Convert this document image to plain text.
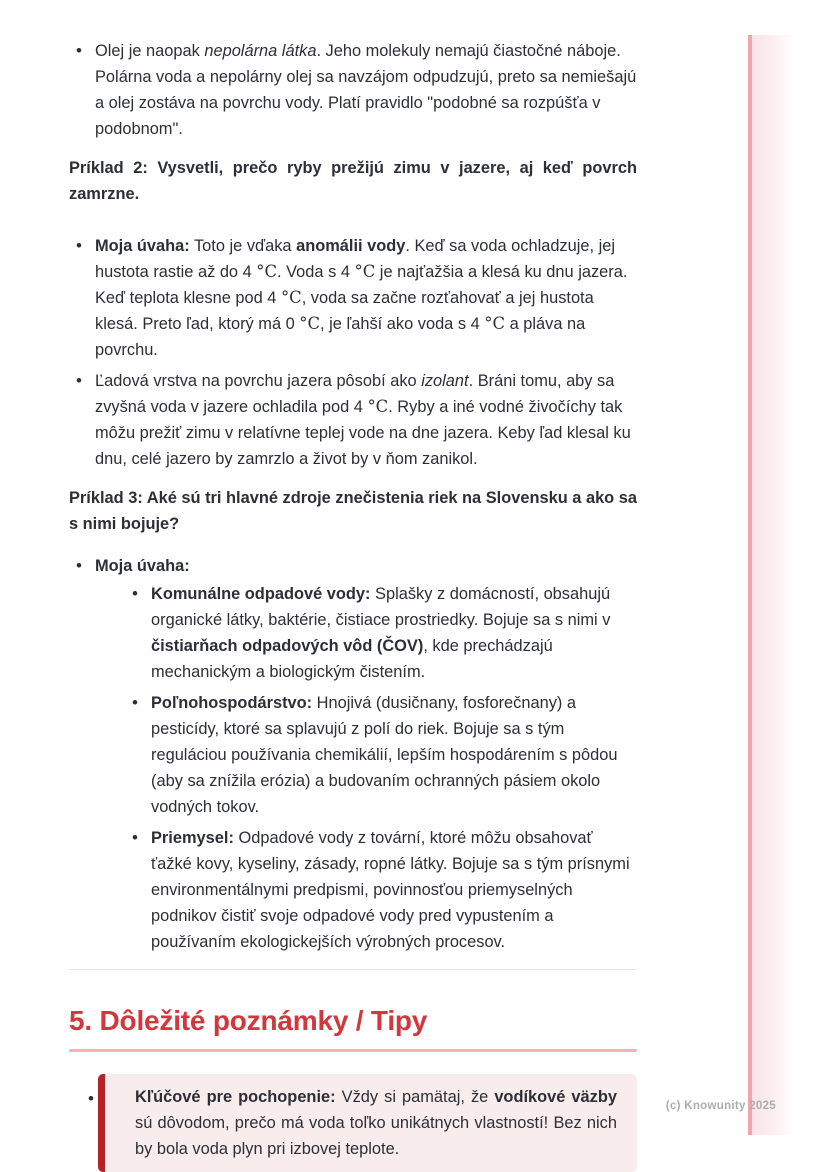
• Olej je naopak nepolárna látka. Jeho molekuly nemajú čiastočné náboje. Polárna voda a nepolárny olej sa navzájom odpudzujú, preto sa nemiešajú a olej zostáva na povrchu vody. Platí pravidlo "podobné sa rozpúšťa v podobnom".

Príklad 2: Vysvetli, prečo ryby prežijú zimu v jazere, aj keď povrch zamrzne.

• Moja úvaha: Toto je vďaka anomálii vody. Keď sa voda ochladzuje, jej hustota rastie až do 4 °C. Voda s 4 °C je najťažšia a klesá ku dnu jazera. Keď teplota klesne pod 4 °C, voda sa začne rozťahovať a jej hustota klesá. Preto ľad, ktorý má 0 °C, je ľahší ako voda s 4 °C a pláva na povrchu.
• Ľadová vrstva na povrchu jazera pôsobí ako izolant. Bráni tomu, aby sa zvyšná voda v jazere ochladila pod 4 °C. Ryby a iné vodné živočíchy tak môžu prežiť zimu v relatívne teplej vode na dne jazera. Keby ľad klesal ku dnu, celé jazero by zamrzlo a život by v ňom zanikol.

Príklad 3: Aké sú tri hlavné zdroje znečistenia riek na Slovensku a ako sa s nimi bojuje?

• Moja úvaha:
• Komunálne odpadové vody: Splašky z domácností, obsahujú organické látky, baktérie, čistiace prostriedky. Bojuje sa s nimi v čistiarňach odpadových vôd (ČOV), kde prechádzajú mechanickým a biologickým čistením.
• Poľnohospodárstvo: Hnojivá (dusičnany, fosforečnany) a pesticídy, ktoré sa splavujú z polí do riek. Bojuje sa s tým reguláciou používania chemikálií, lepším hospodárením s pôdou (aby sa znížila erózia) a budovaním ochranných pásiem okolo vodných tokov.
• Priemysel: Odpadové vody z tovární, ktoré môžu obsahovať ťažké kovy, kyseliny, zásady, ropné látky. Bojuje sa s tým prísnymi environmentálnymi predpismi, povinnosťou priemyselných podnikov čistiť svoje odpadové vody pred vypustením a používaním ekologickejších výrobných procesov.
5. Dôležité poznámky / Tipy
•	Kľúčové pre pochopenie: Vždy si pamätaj, že vodíkové väzby sú dôvodom, prečo má voda toľko unikátnych vlastností! Bez nich by bola voda plyn pri izbovej teplote.
(c) Knowunity 2025
